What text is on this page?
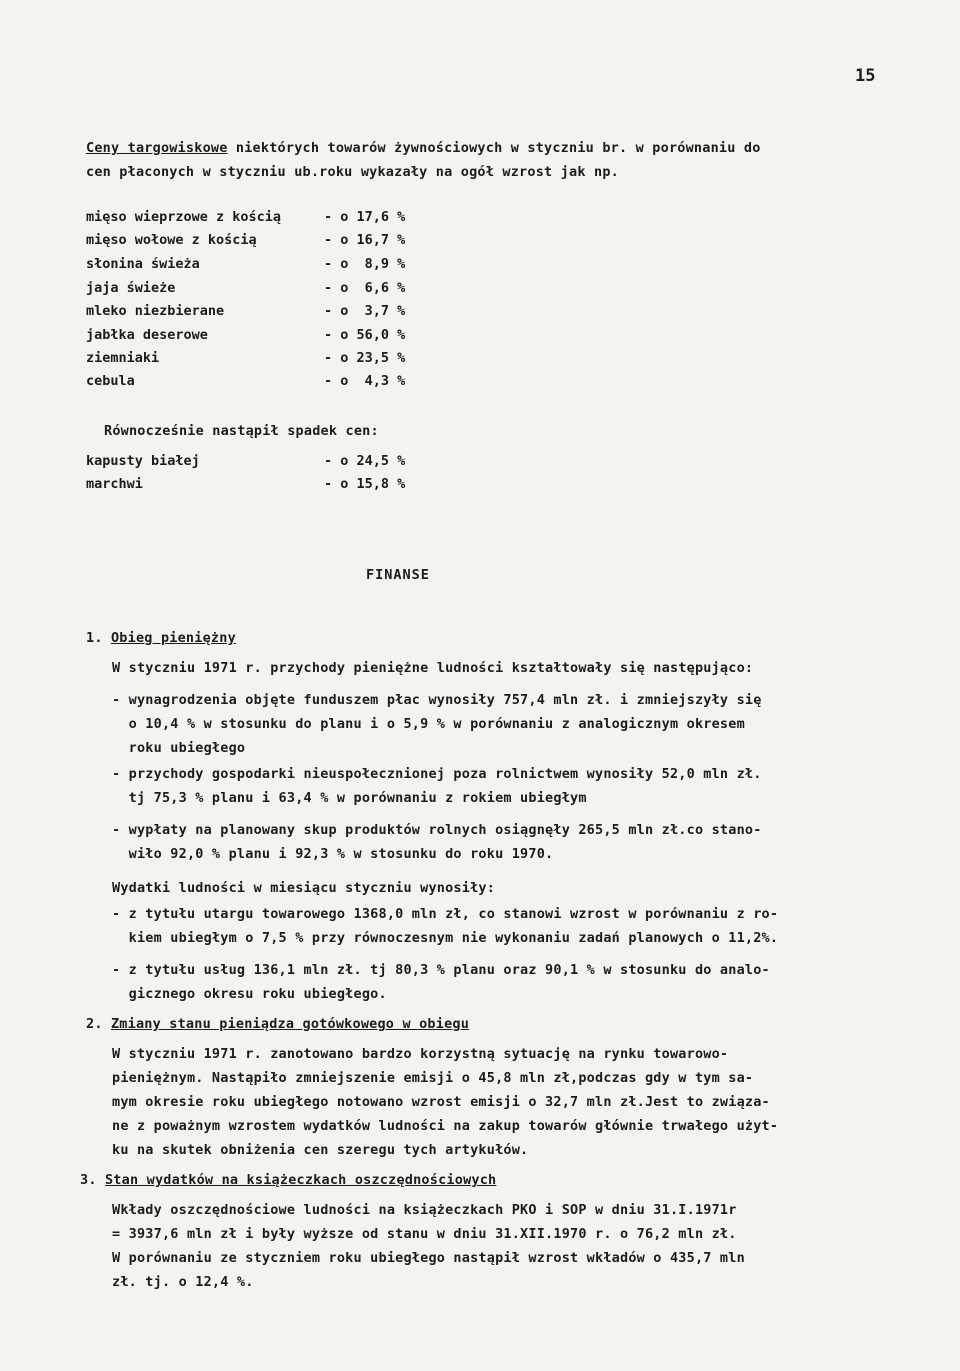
15
Ceny targowiskowe niektórych towarów żywnościowych w styczniu br. w porównaniu do
cen płaconych w styczniu ub.roku wykazały na ogół wzrost jak np.
mięso wieprzowe z kością	- o 17,6 %
mięso wołowe z kością	- o 16,7 %
słonina świeża	- o  8,9 %
jaja świeże	- o  6,6 %
mleko niezbierane	- o  3,7 %
jabłka deserowe	- o 56,0 %
ziemniaki	- o 23,5 %
cebula	- o  4,3 %
Równocześnie nastąpił spadek cen:
kapusty białej	- o 24,5 %
marchwi	- o 15,8 %
FINANSE
1. Obieg pieniężny
W styczniu 1971 r. przychody pieniężne ludności kształtowały się następująco:
- wynagrodzenia objęte funduszem płac wynosiły 757,4 mln zł. i zmniejszyły się
o 10,4 % w stosunku do planu i o 5,9 % w porównaniu z analogicznym okresem
roku ubiegłego
- przychody gospodarki nieuspołecznionej poza rolnictwem wynosiły 52,0 mln zł.
tj 75,3 % planu i 63,4 % w porównaniu z rokiem ubiegłym
- wypłaty na planowany skup produktów rolnych osiągnęły 265,5 mln zł.co stano-
wiło 92,0 % planu i 92,3 % w stosunku do roku 1970.
Wydatki ludności w miesiącu styczniu wynosiły:
- z tytułu utargu towarowego 1368,0 mln zł, co stanowi wzrost w porównaniu z ro-
kiem ubiegłym o 7,5 % przy równoczesnym nie wykonaniu zadań planowych o 11,2%.
- z tytułu usług 136,1 mln zł. tj 80,3 % planu oraz 90,1 % w stosunku do analo-
gicznego okresu roku ubiegłego.
2. Zmiany stanu pieniądza gotówkowego w obiegu
W styczniu 1971 r. zanotowano bardzo korzystną sytuację na rynku towarowo-
pieniężnym. Nastąpiło zmniejszenie emisji o 45,8 mln zł,podczas gdy w tym sa-
mym okresie roku ubiegłego notowano wzrost emisji o 32,7 mln zł.Jest to związa-
ne z poważnym wzrostem wydatków ludności na zakup towarów głównie trwałego użyt-
ku na skutek obniżenia cen szeregu tych artykułów.
3. Stan wydatków na książeczkach oszczędnościowych
Wkłady oszczędnościowe ludności na książeczkach PKO i SOP w dniu 31.I.1971r
= 3937,6 mln zł i były wyższe od stanu w dniu 31.XII.1970 r. o 76,2 mln zł.
W porównaniu ze styczniem roku ubiegłego nastąpił wzrost wkładów o 435,7 mln
zł. tj. o 12,4 %.
